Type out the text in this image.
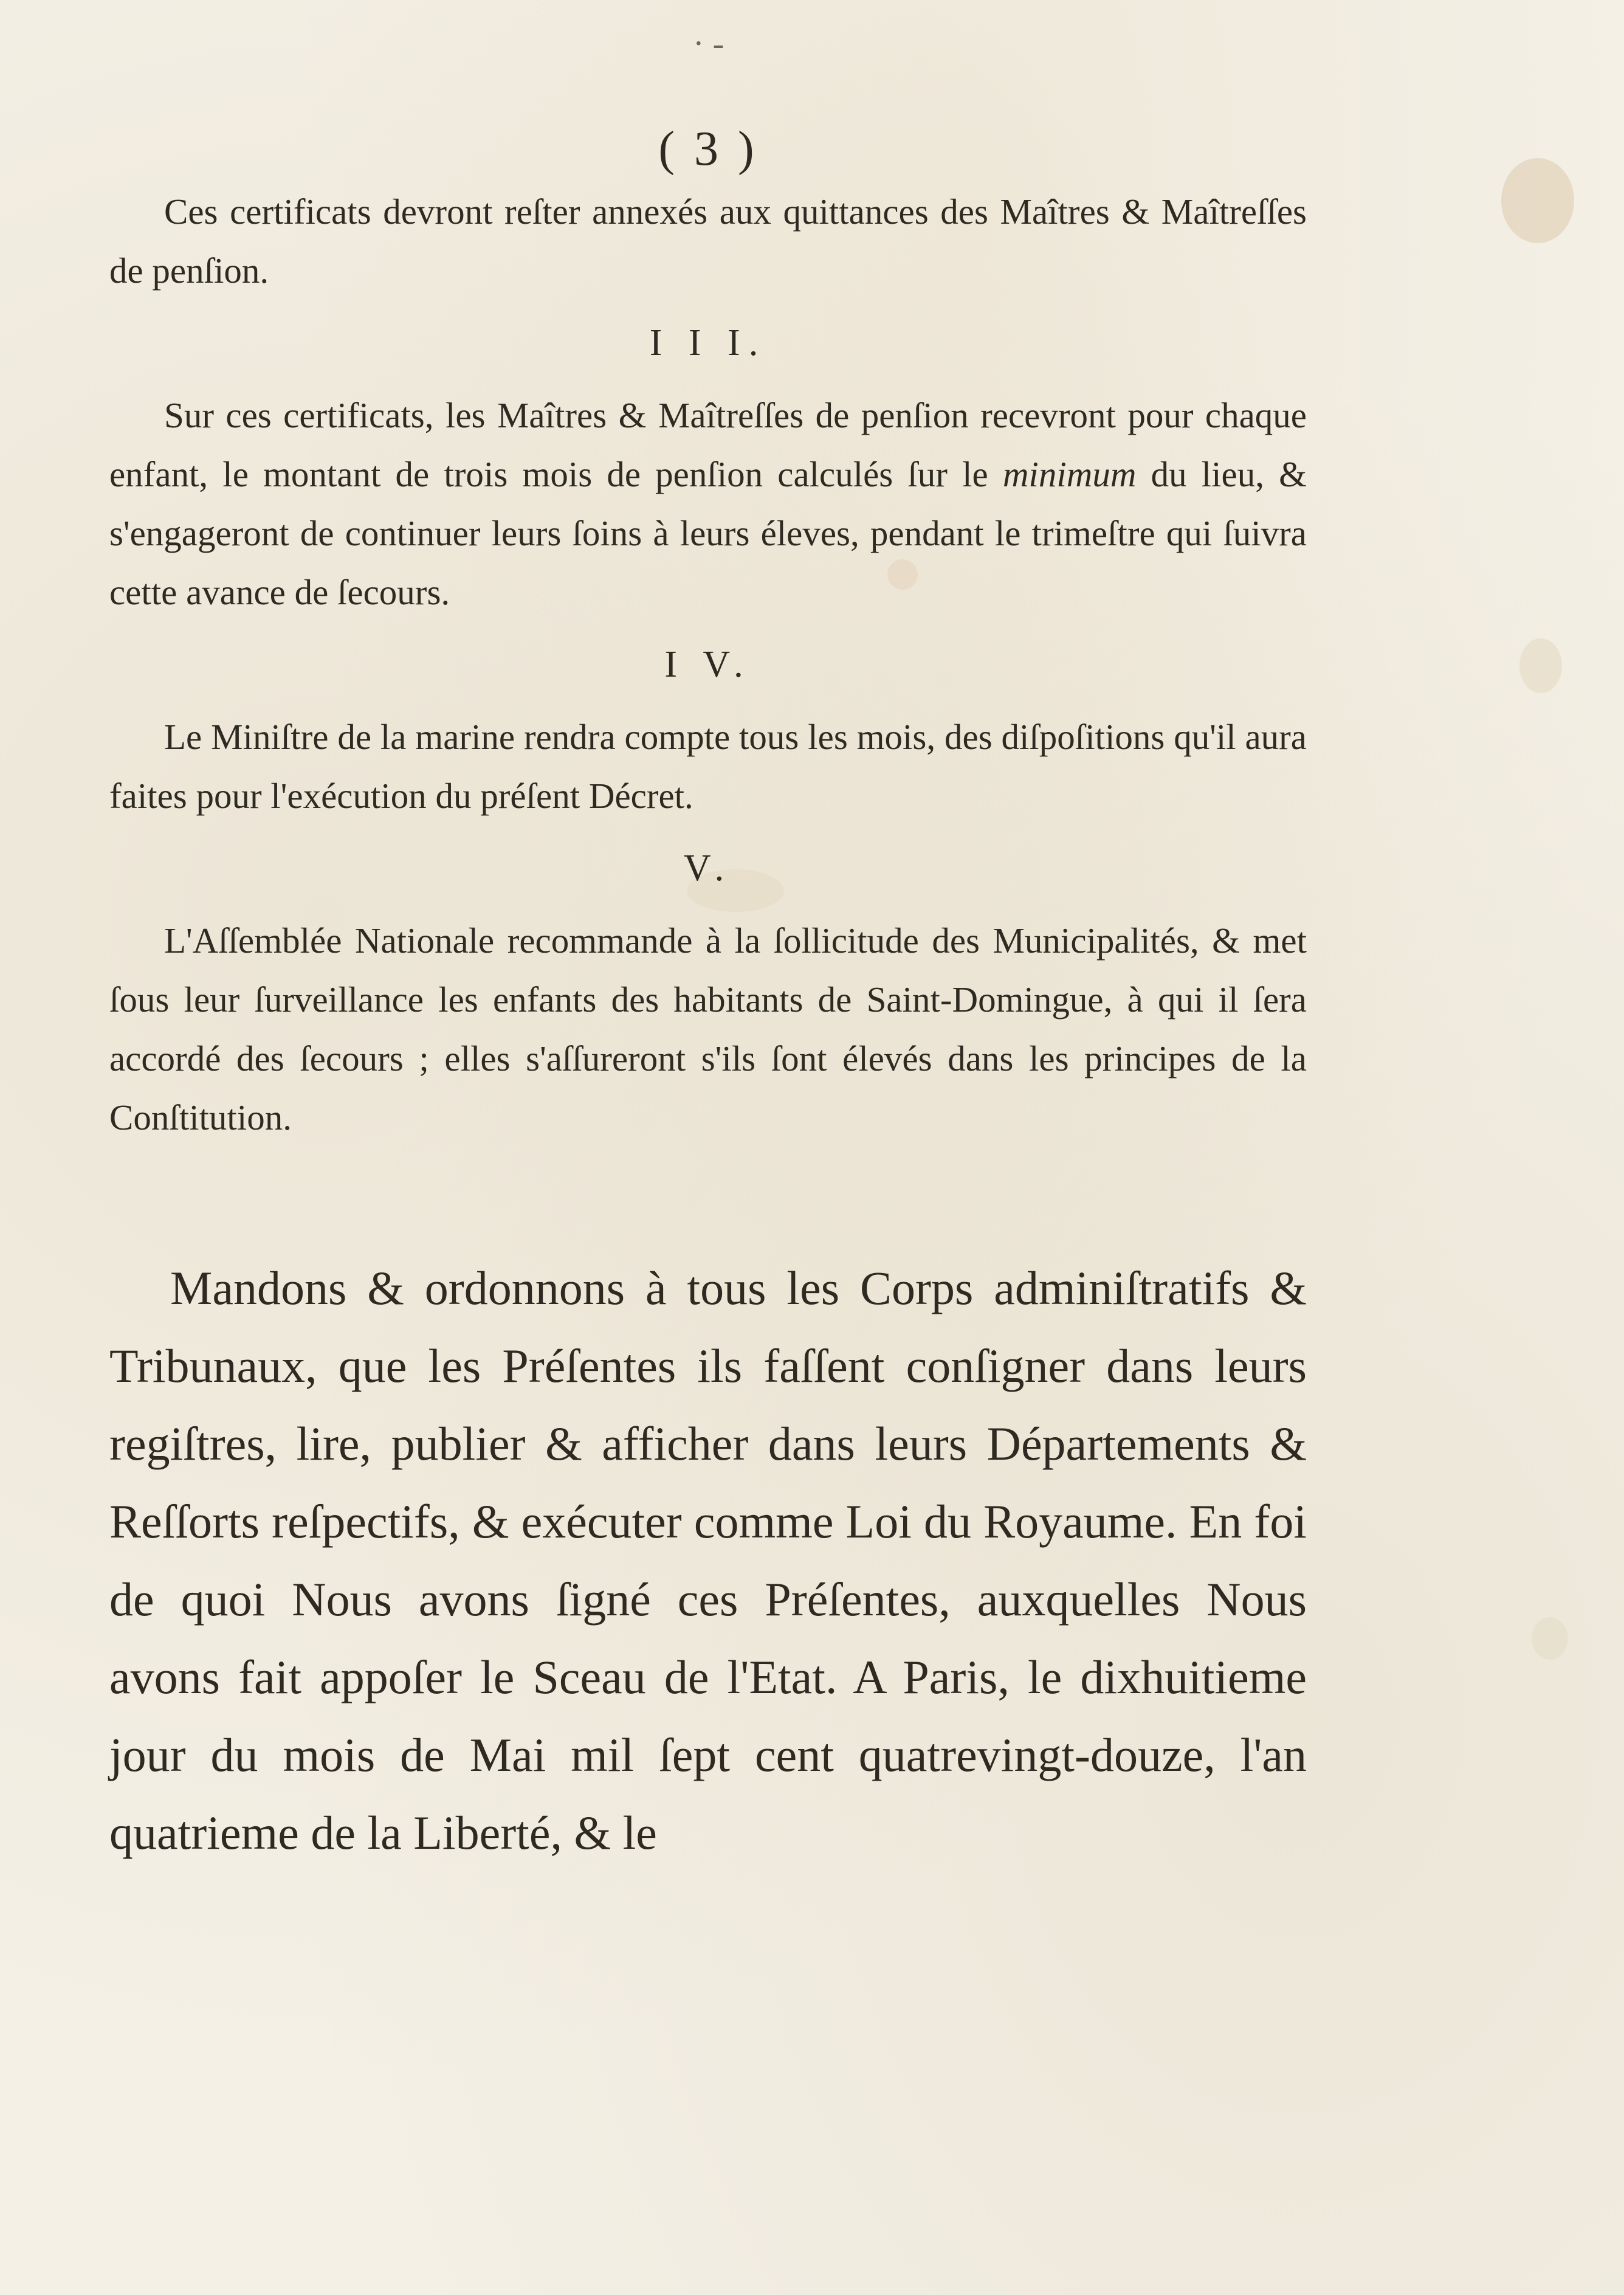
· -
( 3 )

Ces certificats devront reſter annexés aux quittances des Maîtres & Maîtreſſes de penſion.

I I I.

Sur ces certificats, les Maîtres & Maîtreſſes de penſion recevront pour chaque enfant, le montant de trois mois de penſion calculés ſur le minimum du lieu, & s'engageront de continuer leurs ſoins à leurs éleves, pendant le trimeſtre qui ſuivra cette avance de ſecours.

I V.

Le Miniſtre de la marine rendra compte tous les mois, des diſpoſitions qu'il aura faites pour l'exécution du préſent Décret.

V.

L'Aſſemblée Nationale recommande à la ſollicitude des Municipalités, & met ſous leur ſurveillance les enfants des habitants de Saint-Domingue, à qui il ſera accordé des ſecours ; elles s'aſſureront s'ils ſont élevés dans les principes de la Conſtitution.

Mandons & ordonnons à tous les Corps adminiſtratifs & Tribunaux, que les Préſentes ils faſſent conſigner dans leurs regiſtres, lire, publier & afficher dans leurs Départements & Reſſorts reſpectifs, & exécuter comme Loi du Royaume. En foi de quoi Nous avons ſigné ces Préſentes, auxquelles Nous avons fait appoſer le Sceau de l'Etat. A Paris, le dixhuitieme jour du mois de Mai mil ſept cent quatrevingt-douze, l'an quatrieme de la Liberté, & le
